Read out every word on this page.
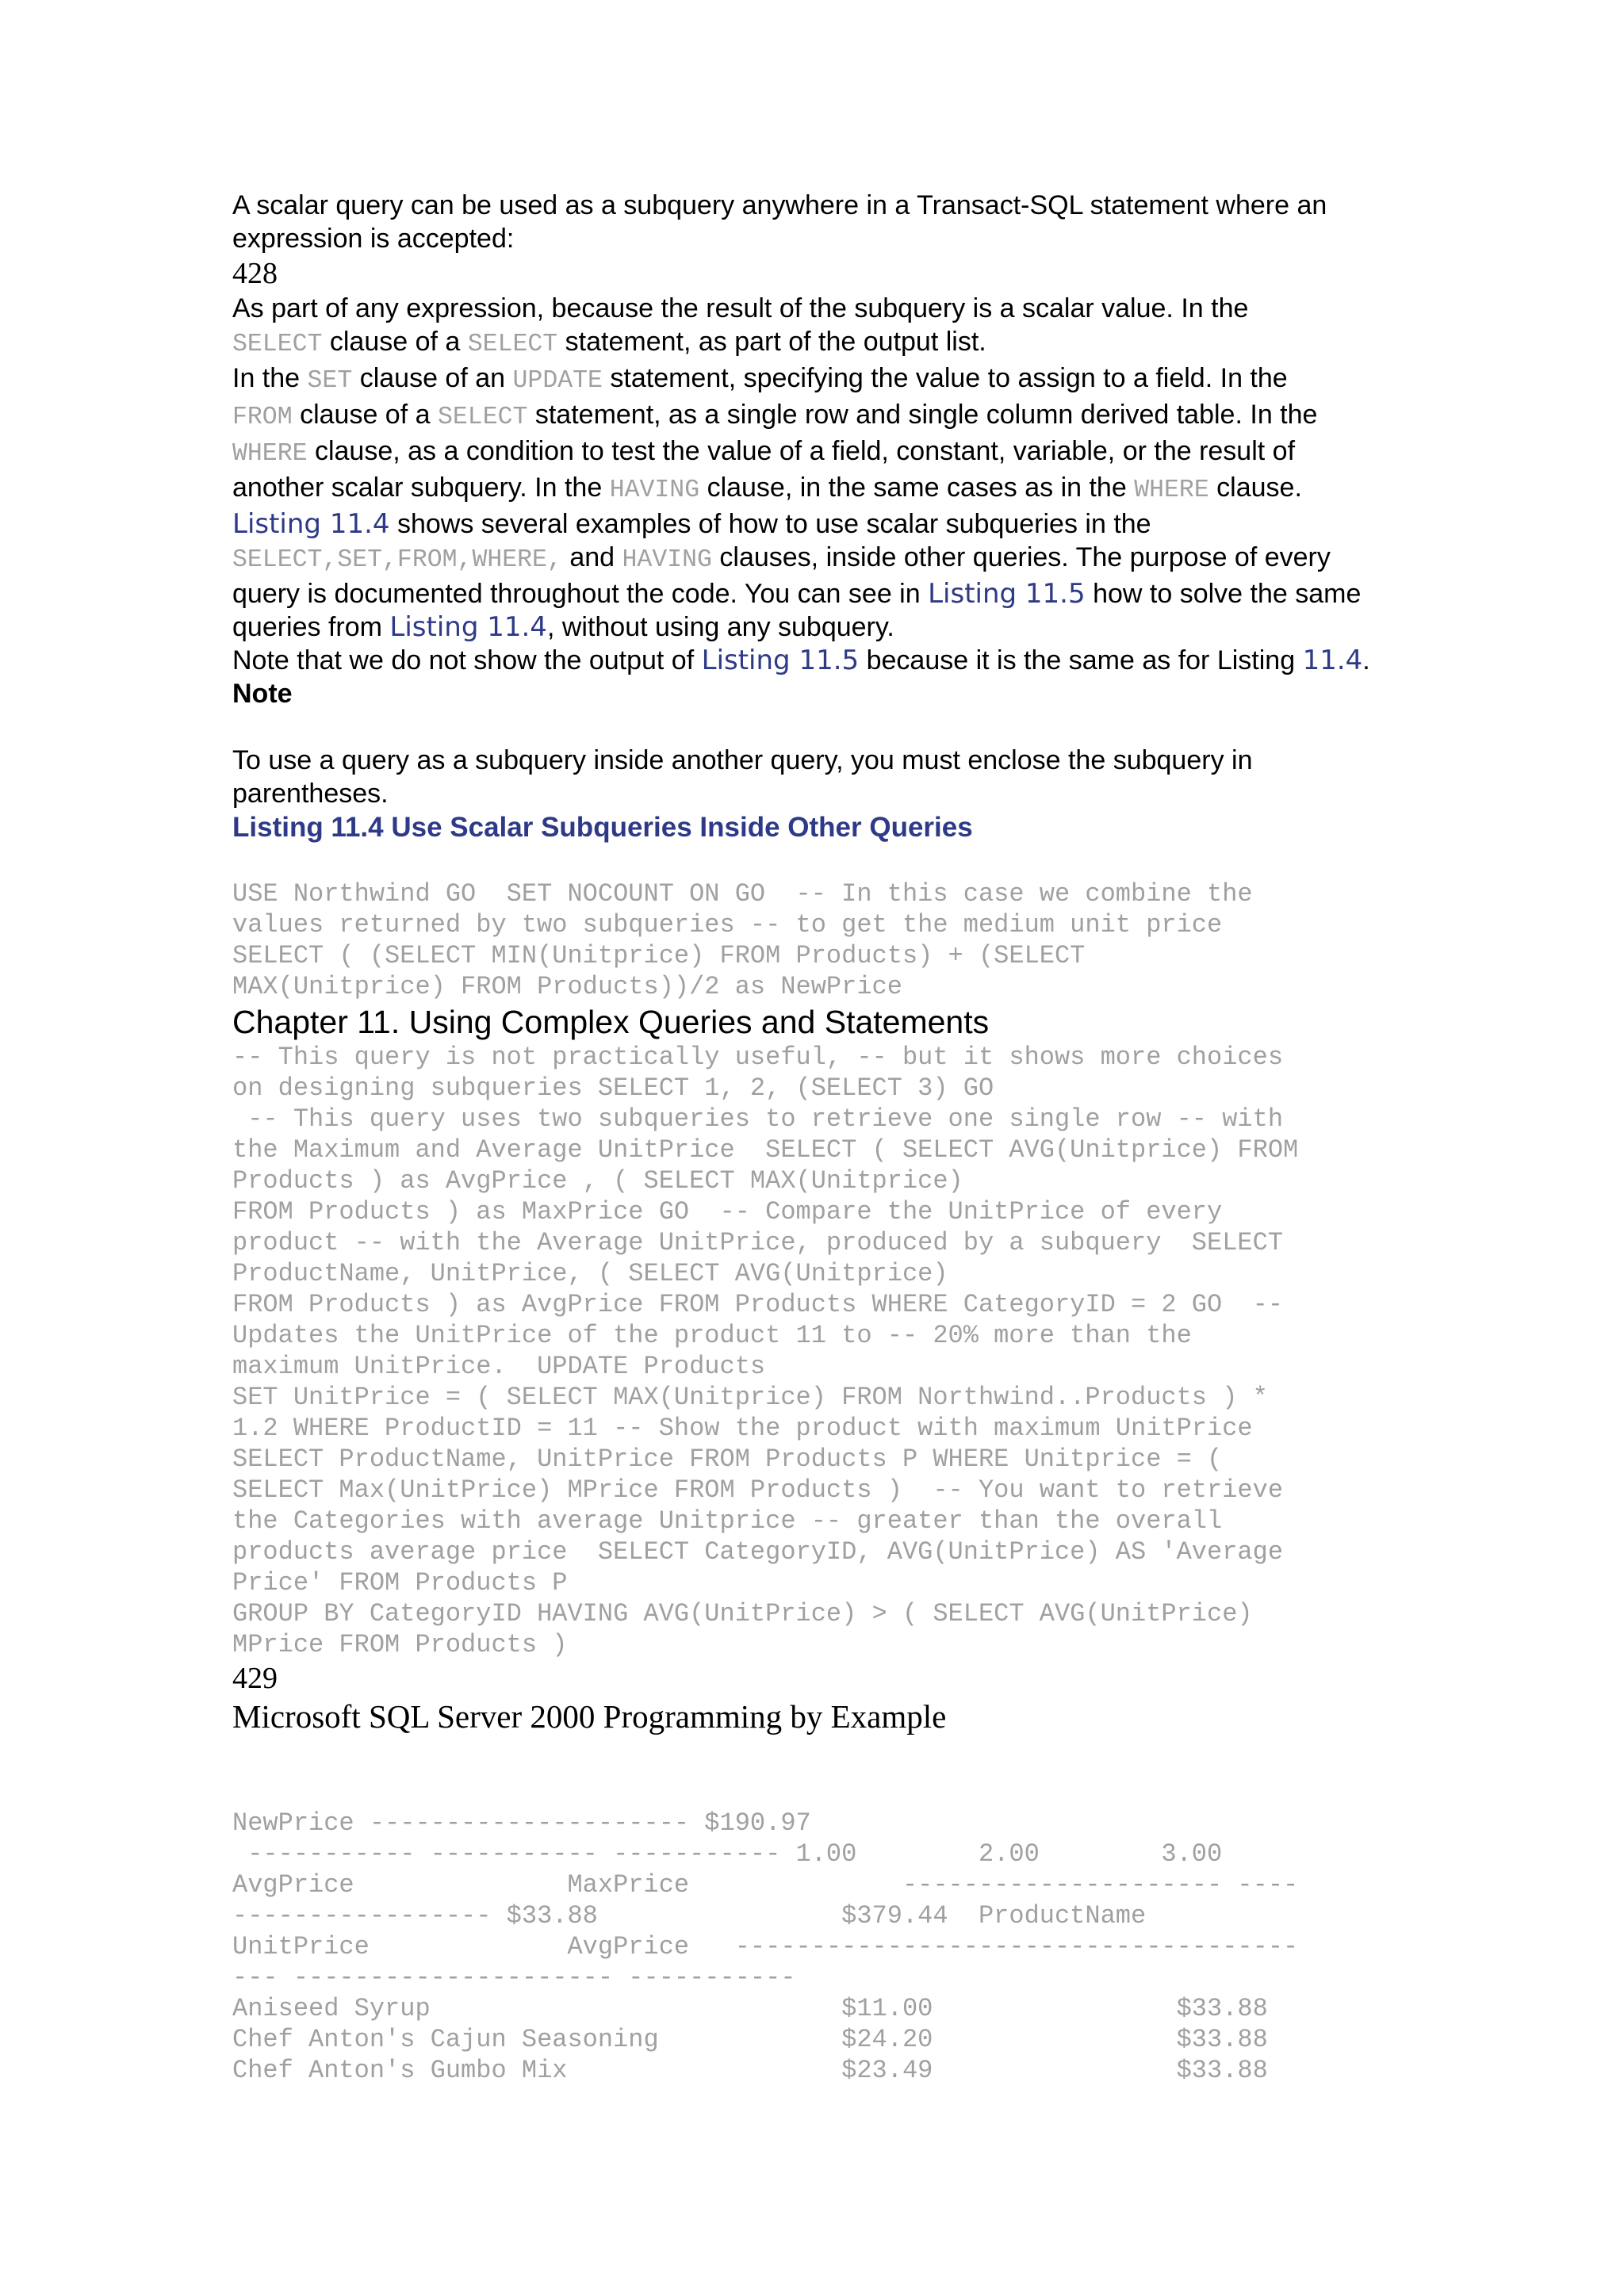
A scalar query can be used as a subquery anywhere in a Transact-SQL statement where an expression is accepted:

428

As part of any expression, because the result of the subquery is a scalar value. In the
SELECT clause of a SELECT statement, as part of the output list.

In the SET clause of an UPDATE statement, specifying the value to assign to a field. In the

FROM clause of a SELECT statement, as a single row and single column derived table. In the

WHERE clause, as a condition to test the value of a field, constant, variable, or the result of

another scalar subquery. In the HAVING clause, in the same cases as in the WHERE clause.

Listing 11.4 shows several examples of how to use scalar subqueries in the

SELECT,SET,FROM,WHERE, and HAVING clauses, inside other queries. The purpose of every

query is documented throughout the code. You can see in Listing 11.5 how to solve the same

queries from Listing 11.4, without using any subquery.

Note that we do not show the output of Listing 11.5 because it is the same as for Listing 11.4.

Note

To use a query as a subquery inside another query, you must enclose the subquery in parentheses.

Listing 11.4 Use Scalar Subqueries Inside Other Queries

USE Northwind GO  SET NOCOUNT ON GO  -- In this case we combine the

values returned by two subqueries -- to get the medium unit price

SELECT ( (SELECT MIN(Unitprice) FROM Products) + (SELECT

MAX(Unitprice) FROM Products))/2 as NewPrice

Chapter 11. Using Complex Queries and Statements

-- This query is not practically useful, -- but it shows more choices

on designing subqueries SELECT 1, 2, (SELECT 3) GO

-- This query uses two subqueries to retrieve one single row -- with

the Maximum and Average UnitPrice  SELECT ( SELECT AVG(Unitprice) FROM

Products ) as AvgPrice , ( SELECT MAX(Unitprice)

FROM Products ) as MaxPrice GO  -- Compare the UnitPrice of every

product -- with the Average UnitPrice, produced by a subquery  SELECT

ProductName, UnitPrice, ( SELECT AVG(Unitprice)

FROM Products ) as AvgPrice FROM Products WHERE CategoryID = 2 GO  --

Updates the UnitPrice of the product 11 to -- 20% more than the

maximum UnitPrice.  UPDATE Products

SET UnitPrice = ( SELECT MAX(Unitprice) FROM Northwind..Products ) *

1.2 WHERE ProductID = 11 -- Show the product with maximum UnitPrice

SELECT ProductName, UnitPrice FROM Products P WHERE Unitprice = (

SELECT Max(UnitPrice) MPrice FROM Products )  -- You want to retrieve

the Categories with average Unitprice -- greater than the overall

products average price  SELECT CategoryID, AVG(UnitPrice) AS 'Average

Price' FROM Products P

GROUP BY CategoryID HAVING AVG(UnitPrice) > ( SELECT AVG(UnitPrice)

MPrice FROM Products )

429

Microsoft SQL Server 2000 Programming by Example

NewPrice --------------------- $190.97

----------- ----------- ----------- 1.00        2.00        3.00

AvgPrice              MaxPrice              --------------------- ----

----------------- $33.88                $379.44  ProductName

UnitPrice             AvgPrice   -------------------------------------

--- --------------------- -----------

Aniseed Syrup                           $11.00                $33.88

Chef Anton's Cajun Seasoning            $24.20                $33.88

Chef Anton's Gumbo Mix                  $23.49                $33.88
